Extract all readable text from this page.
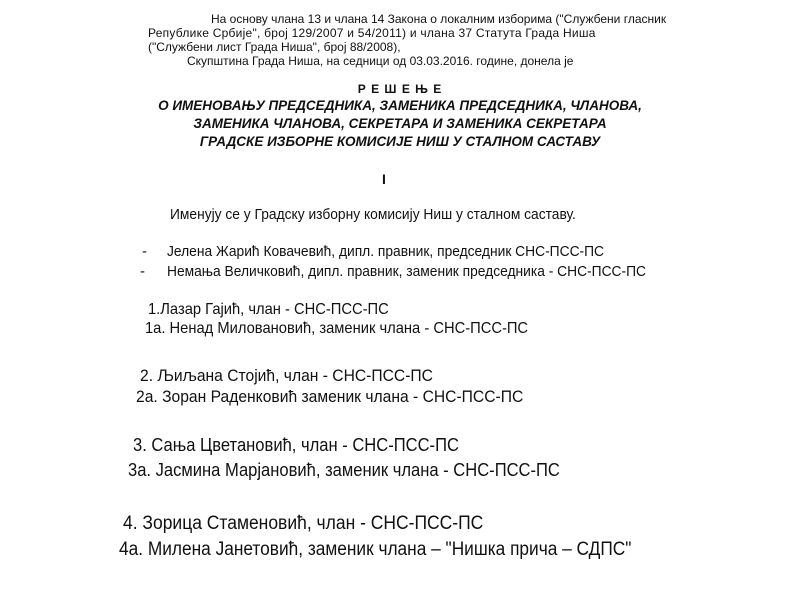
На основу члана 13 и члана 14 Закона о локалним изборима ("Службени гласник
Републике Србије", број 129/2007 и 54/2011) и члана 37 Статута Града Ниша
("Службени лист Града Ниша", број 88/2008),
Скупштина Града Ниша, на седници од 03.03.2016. године, донела је
Р Е Ш Е Њ Е
О ИМЕНОВАЊУ ПРЕДСЕДНИКА, ЗАМЕНИКА ПРЕДСЕДНИКА, ЧЛАНОВА,
ЗАМЕНИКА ЧЛАНОВА, СЕКРЕТАРА И ЗАМЕНИКА СЕКРЕТАРА
ГРАДСКЕ ИЗБОРНЕ КОМИСИЈЕ НИШ У СТАЛНОМ САСТАВУ
I
Именују се у Градску изборну комисију Ниш у сталном саставу.
- Јелена Жарић Ковачевић, дипл. правник, председник СНС-ПСС-ПС
- Немања Величковић, дипл. правник, заменик председника - СНС-ПСС-ПС
1.Лазар Гајић, члан - СНС-ПСС-ПС
1а. Ненад Миловановић, заменик члана - СНС-ПСС-ПС
2. Љиљана Стојић, члан - СНС-ПСС-ПС
2а. Зоран Раденковић заменик члана - СНС-ПСС-ПС
3. Сања Цветановић, члан - СНС-ПСС-ПС
3а. Јасмина Марјановић, заменик члана - СНС-ПСС-ПС
4. Зорица Стаменовић, члан - СНС-ПСС-ПС
4а. Милена Јанетовић, заменик члана – "Нишка прича – СДПС"
